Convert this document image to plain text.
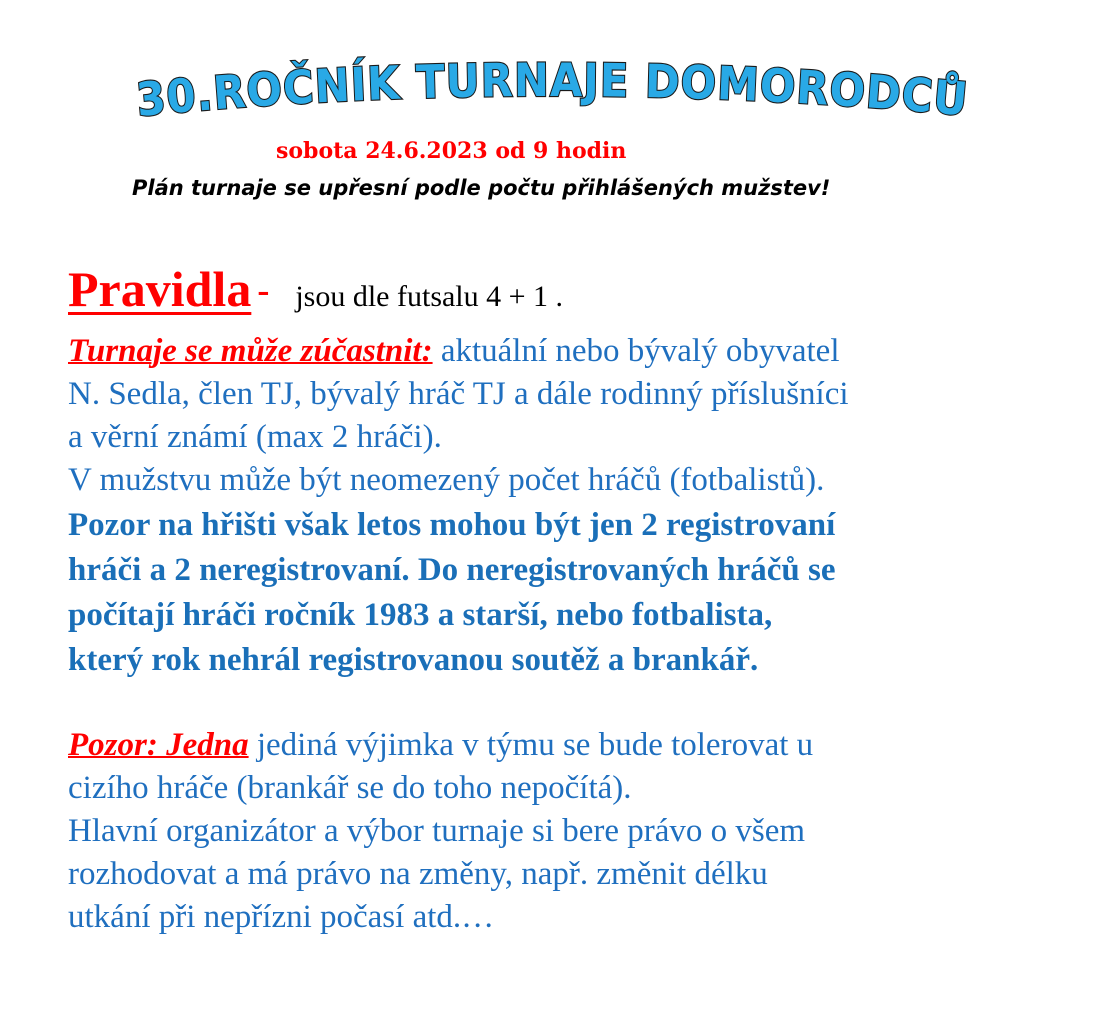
30.ROČNÍK TURNAJE DOMORODCŮ
sobota 24.6.2023 od 9 hodin
Plán turnaje se upřesní podle počtu přihlášených mužstev!
Pravidla - jsou dle futsalu 4 + 1 .

Turnaje se může zúčastnit: aktuální nebo bývalý obyvatel

N. Sedla, člen TJ, bývalý hráč TJ a dále rodinný příslušníci

a věrní známí (max 2 hráči).

V mužstvu může být neomezený počet hráčů (fotbalistů).

Pozor na hřišti však letos mohou být jen 2 registrovaní

hráči a 2 neregistrovaní. Do neregistrovaných hráčů se

počítají hráči ročník 1983 a starší, nebo fotbalista,

který rok nehrál registrovanou soutěž a brankář.

Pozor: Jedna jediná výjimka v týmu se bude tolerovat u

cizího hráče (brankář se do toho nepočítá).

Hlavní organizátor a výbor turnaje si bere právo o všem

rozhodovat a má právo na změny, např. změnit délku

utkání při nepřízni počasí atd.…
